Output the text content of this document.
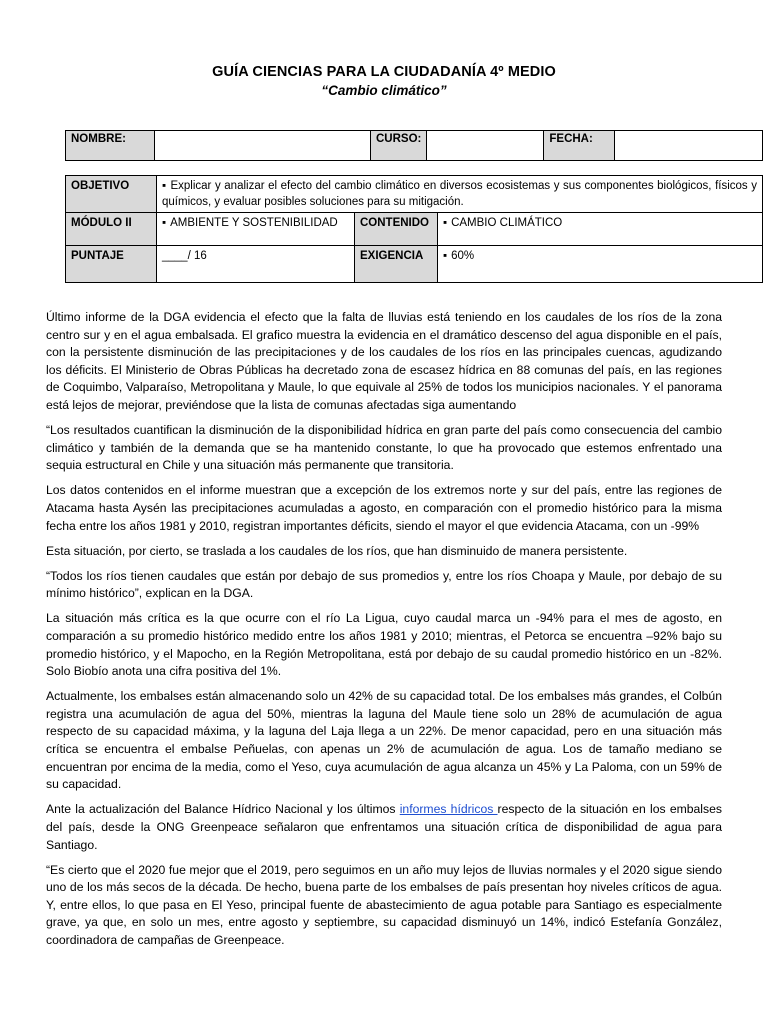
GUÍA CIENCIAS PARA LA CIUDADANÍA 4º MEDIO
“Cambio climático”
NOMBRE:		CURSO:		FECHA:	
OBJETIVO	▪ Explicar y analizar el efecto del cambio climático en diversos ecosistemas y sus componentes biológicos, físicos y químicos, y evaluar posibles soluciones para su mitigación.
MÓDULO II	▪ AMBIENTE Y SOSTENIBILIDAD	CONTENIDO	▪ CAMBIO CLIMÁTICO
PUNTAJE	____/ 16	EXIGENCIA	▪ 60%

Último informe de la DGA evidencia el efecto que la falta de lluvias está teniendo en los caudales de los ríos de la zona centro sur y en el agua embalsada. El grafico muestra la evidencia en el dramático descenso del agua disponible en el país, con la persistente disminución de las precipitaciones y de los caudales de los ríos en las principales cuencas, agudizando los déficits. El Ministerio de Obras Públicas ha decretado zona de escasez hídrica en 88 comunas del país, en las regiones de Coquimbo, Valparaíso, Metropolitana y Maule, lo que equivale al 25% de todos los municipios nacionales. Y el panorama está lejos de mejorar, previéndose que la lista de comunas afectadas siga aumentando

“Los resultados cuantifican la disminución de la disponibilidad hídrica en gran parte del país como consecuencia del cambio climático y también de la demanda que se ha mantenido constante, lo que ha provocado que estemos enfrentado una sequia estructural en Chile y una situación más permanente que transitoria.

Los datos contenidos en el informe muestran que a excepción de los extremos norte y sur del país, entre las regiones de Atacama hasta Aysén las precipitaciones acumuladas a agosto, en comparación con el promedio histórico para la misma fecha entre los años 1981 y 2010, registran importantes déficits, siendo el mayor el que evidencia Atacama, con un -99%

Esta situación, por cierto, se traslada a los caudales de los ríos, que han disminuido de manera persistente.

“Todos los ríos tienen caudales que están por debajo de sus promedios y, entre los ríos Choapa y Maule, por debajo de su mínimo histórico”, explican en la DGA.

La situación más crítica es la que ocurre con el río La Ligua, cuyo caudal marca un -94% para el mes de agosto, en comparación a su promedio histórico medido entre los años 1981 y 2010; mientras, el Petorca se encuentra –92% bajo su promedio histórico, y el Mapocho, en la Región Metropolitana, está por debajo de su caudal promedio histórico en un -82%. Solo Biobío anota una cifra positiva del 1%.

Actualmente, los embalses están almacenando solo un 42% de su capacidad total. De los embalses más grandes, el Colbún registra una acumulación de agua del 50%, mientras la laguna del Maule tiene solo un 28% de acumulación de agua respecto de su capacidad máxima, y la laguna del Laja llega a un 22%. De menor capacidad, pero en una situación más crítica se encuentra el embalse Peñuelas, con apenas un 2% de acumulación de agua. Los de tamaño mediano se encuentran por encima de la media, como el Yeso, cuya acumulación de agua alcanza un 45% y La Paloma, con un 59% de su capacidad.

Ante la actualización del Balance Hídrico Nacional y los últimos informes hídricos respecto de la situación en los embalses del país, desde la ONG Greenpeace señalaron que enfrentamos una situación crítica de disponibilidad de agua para Santiago.

“Es cierto que el 2020 fue mejor que el 2019, pero seguimos en un año muy lejos de lluvias normales y el 2020 sigue siendo uno de los más secos de la década. De hecho, buena parte de los embalses de país presentan hoy niveles críticos de agua. Y, entre ellos, lo que pasa en El Yeso, principal fuente de abastecimiento de agua potable para Santiago es especialmente grave, ya que, en solo un mes, entre agosto y septiembre, su capacidad disminuyó un 14%, indicó Estefanía González, coordinadora de campañas de Greenpeace.
